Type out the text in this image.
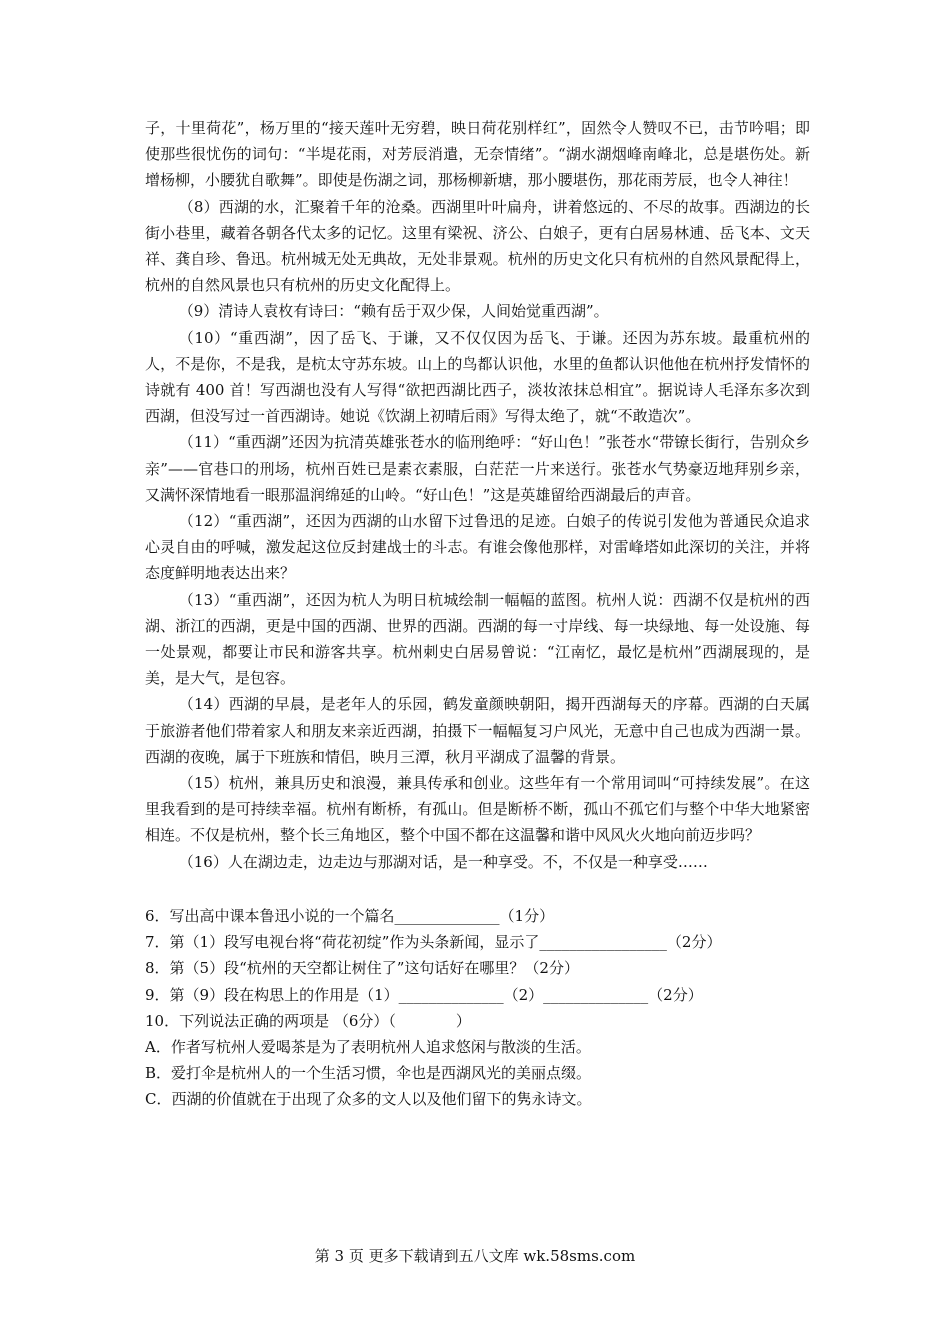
子，十里荷花”，杨万里的“接天莲叶无穷碧，映日荷花别样红”，固然令人赞叹不已，击节吟唱；即使那些很忧伤的词句：“半堤花雨，对芳辰消遣，无奈情绪”。“湖水湖烟峰南峰北，总是堪伤处。新增杨柳，小腰犹自歌舞”。即使是伤湖之词，那杨柳新塘，那小腰堪伤，那花雨芳辰，也令人神往！

（8）西湖的水，汇聚着千年的沧桑。西湖里叶叶扁舟，讲着悠远的、不尽的故事。西湖边的长街小巷里，藏着各朝各代太多的记忆。这里有梁祝、济公、白娘子，更有白居易林逋、岳飞本、文天祥、龚自珍、鲁迅。杭州城无处无典故，无处非景观。杭州的历史文化只有杭州的自然风景配得上，杭州的自然风景也只有杭州的历史文化配得上。

（9）清诗人袁枚有诗曰：“赖有岳于双少保，人间始觉重西湖”。

（10）“重西湖”，因了岳飞、于谦，又不仅仅因为岳飞、于谦。还因为苏东坡。最重杭州的人，不是你，不是我，是杭太守苏东坡。山上的鸟都认识他，水里的鱼都认识他他在杭州抒发情怀的诗就有 400 首！写西湖也没有人写得“欲把西湖比西子，淡妆浓抹总相宜”。据说诗人毛泽东多次到西湖，但没写过一首西湖诗。她说《饮湖上初晴后雨》写得太绝了，就“不敢造次”。

（11）“重西湖”还因为抗清英雄张苍水的临刑绝呼：“好山色！”张苍水“带镣长街行，告别众乡亲”——官巷口的刑场，杭州百姓已是素衣素服，白茫茫一片来送行。张苍水气势豪迈地拜别乡亲，又满怀深情地看一眼那温润绵延的山岭。“好山色！”这是英雄留给西湖最后的声音。

（12）“重西湖”，还因为西湖的山水留下过鲁迅的足迹。白娘子的传说引发他为普通民众追求心灵自由的呼喊，激发起这位反封建战士的斗志。有谁会像他那样，对雷峰塔如此深切的关注，并将态度鲜明地表达出来？

（13）“重西湖”，还因为杭人为明日杭城绘制一幅幅的蓝图。杭州人说：西湖不仅是杭州的西湖、浙江的西湖，更是中国的西湖、世界的西湖。西湖的每一寸岸线、每一块绿地、每一处设施、每一处景观，都要让市民和游客共享。杭州刺史白居易曾说：“江南忆，最忆是杭州”西湖展现的，是美，是大气，是包容。

（14）西湖的早晨，是老年人的乐园，鹤发童颜映朝阳，揭开西湖每天的序幕。西湖的白天属于旅游者他们带着家人和朋友来亲近西湖，拍摄下一幅幅复习户风光，无意中自己也成为西湖一景。西湖的夜晚，属于下班族和情侣，映月三潭，秋月平湖成了温馨的背景。

（15）杭州，兼具历史和浪漫，兼具传承和创业。这些年有一个常用词叫“可持续发展”。在这里我看到的是可持续幸福。杭州有断桥，有孤山。但是断桥不断，孤山不孤它们与整个中华大地紧密相连。不仅是杭州，整个长三角地区，整个中国不都在这温馨和谐中风风火火地向前迈步吗？

（16）人在湖边走，边走边与那湖对话，是一种享受。不，不仅是一种享受……

6．写出高中课本鲁迅小说的一个篇名______________（1分）

7．第（1）段写电视台将“荷花初绽”作为头条新闻，显示了_________________（2分）

8．第（5）段“杭州的天空都让树住了”这句话好在哪里？（2分）

9．第（9）段在构思上的作用是（1）______________（2）______________（2分）

10．下列说法正确的两项是 （6分）（　　　　）

A．作者写杭州人爱喝茶是为了表明杭州人追求悠闲与散淡的生活。

B．爱打伞是杭州人的一个生活习惯，伞也是西湖风光的美丽点缀。

C．西湖的价值就在于出现了众多的文人以及他们留下的隽永诗文。

第 3 页 更多下载请到五八文库 wk.58sms.com
